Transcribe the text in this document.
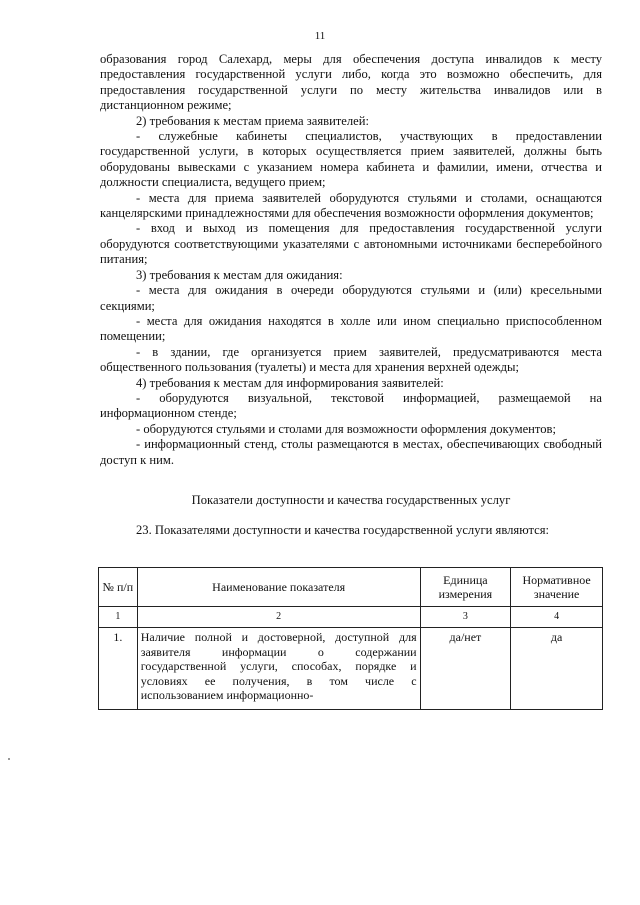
11

образования город Салехард, меры для обеспечения доступа инвалидов к месту предоставления государственной услуги либо, когда это возможно обеспечить, для предоставления государственной услуги по месту жительства инвалидов или в дистанционном режиме;

2) требования к местам приема заявителей:

- служебные кабинеты специалистов, участвующих в предоставлении государственной услуги, в которых осуществляется прием заявителей, должны быть оборудованы вывесками с указанием номера кабинета и фамилии, имени, отчества и должности специалиста, ведущего прием;

- места для приема заявителей оборудуются стульями и столами, оснащаются канцелярскими принадлежностями для обеспечения возможности оформления документов;

- вход и выход из помещения для предоставления государственной услуги оборудуются соответствующими указателями с автономными источниками бесперебойного питания;

3) требования к местам для ожидания:

- места для ожидания в очереди оборудуются стульями и (или) кресельными секциями;

- места для ожидания находятся в холле или ином специально приспособленном помещении;

- в здании, где организуется прием заявителей, предусматриваются места общественного пользования (туалеты) и места для хранения верхней одежды;

4) требования к местам для информирования заявителей:

- оборудуются визуальной, текстовой информацией, размещаемой на информационном стенде;

- оборудуются стульями и столами для возможности оформления документов;

- информационный стенд, столы размещаются в местах, обеспечивающих свободный доступ к ним.

Показатели доступности и качества государственных услуг

23. Показателями доступности и качества государственной услуги являются:

№ п/п	Наименование показателя	Единица измерения	Нормативное значение
1	2	3	4
1.	Наличие полной и достоверной, доступной для заявителя информации о содержании государственной услуги, способах, порядке и условиях ее получения, в том числе с использованием информационно-	да/нет	да
